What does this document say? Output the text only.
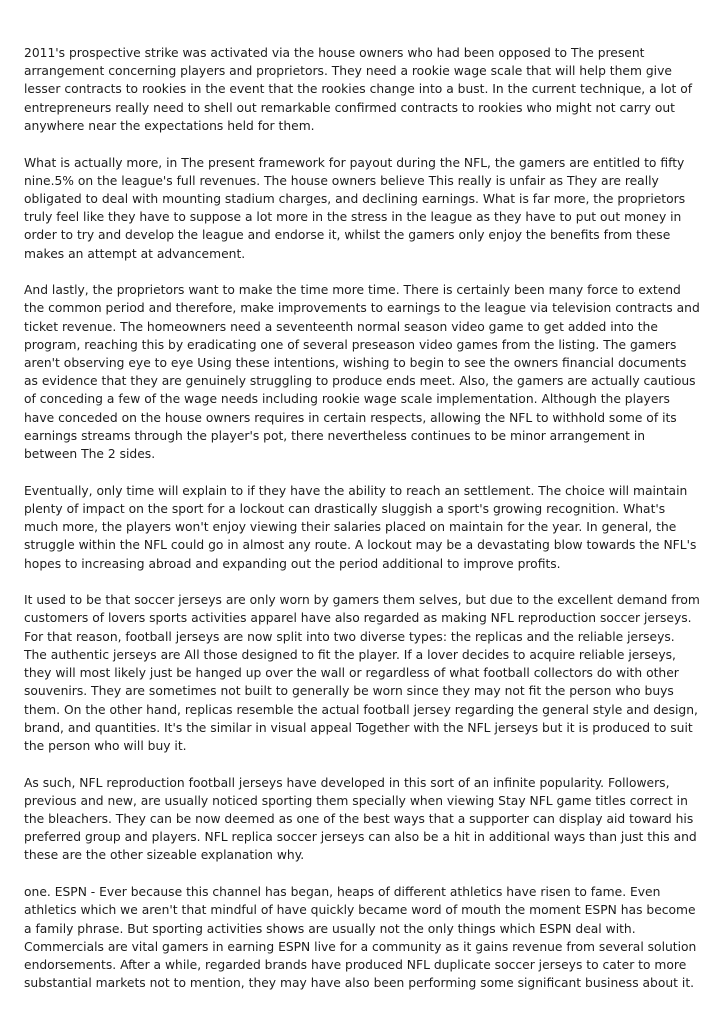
2011's prospective strike was activated via the house owners who had been opposed to The present arrangement concerning players and proprietors. They need a rookie wage scale that will help them give lesser contracts to rookies in the event that the rookies change into a bust. In the current technique, a lot of entrepreneurs really need to shell out remarkable confirmed contracts to rookies who might not carry out anywhere near the expectations held for them.

What is actually more, in The present framework for payout during the NFL, the gamers are entitled to fifty nine.5% on the league's full revenues. The house owners believe This really is unfair as They are really obligated to deal with mounting stadium charges, and declining earnings. What is far more, the proprietors truly feel like they have to suppose a lot more in the stress in the league as they have to put out money in order to try and develop the league and endorse it, whilst the gamers only enjoy the benefits from these makes an attempt at advancement.

And lastly, the proprietors want to make the time more time. There is certainly been many force to extend the common period and therefore, make improvements to earnings to the league via television contracts and ticket revenue. The homeowners need a seventeenth normal season video game to get added into the program, reaching this by eradicating one of several preseason video games from the listing. The gamers aren't observing eye to eye Using these intentions, wishing to begin to see the owners financial documents as evidence that they are genuinely struggling to produce ends meet. Also, the gamers are actually cautious of conceding a few of the wage needs including rookie wage scale implementation. Although the players have conceded on the house owners requires in certain respects, allowing the NFL to withhold some of its earnings streams through the player's pot, there nevertheless continues to be minor arrangement in between The 2 sides.

Eventually, only time will explain to if they have the ability to reach an settlement. The choice will maintain plenty of impact on the sport for a lockout can drastically sluggish a sport's growing recognition. What's much more, the players won't enjoy viewing their salaries placed on maintain for the year. In general, the struggle within the NFL could go in almost any route. A lockout may be a devastating blow towards the NFL's hopes to increasing abroad and expanding out the period additional to improve profits.

It used to be that soccer jerseys are only worn by gamers them selves, but due to the excellent demand from customers of lovers sports activities apparel have also regarded as making NFL reproduction soccer jerseys. For that reason, football jerseys are now split into two diverse types: the replicas and the reliable jerseys. The authentic jerseys are All those designed to fit the player. If a lover decides to acquire reliable jerseys, they will most likely just be hanged up over the wall or regardless of what football collectors do with other souvenirs. They are sometimes not built to generally be worn since they may not fit the person who buys them. On the other hand, replicas resemble the actual football jersey regarding the general style and design, brand, and quantities. It's the similar in visual appeal Together with the NFL jerseys but it is produced to suit the person who will buy it.

As such, NFL reproduction football jerseys have developed in this sort of an infinite popularity. Followers, previous and new, are usually noticed sporting them specially when viewing Stay NFL game titles correct in the bleachers. They can be now deemed as one of the best ways that a supporter can display aid toward his preferred group and players. NFL replica soccer jerseys can also be a hit in additional ways than just this and these are the other sizeable explanation why.

one. ESPN - Ever because this channel has began, heaps of different athletics have risen to fame. Even athletics which we aren't that mindful of have quickly became word of mouth the moment ESPN has become a family phrase. But sporting activities shows are usually not the only things which ESPN deal with. Commercials are vital gamers in earning ESPN live for a community as it gains revenue from several solution endorsements. After a while, regarded brands have produced NFL duplicate soccer jerseys to cater to more substantial markets not to mention, they may have also been performing some significant business about it.
